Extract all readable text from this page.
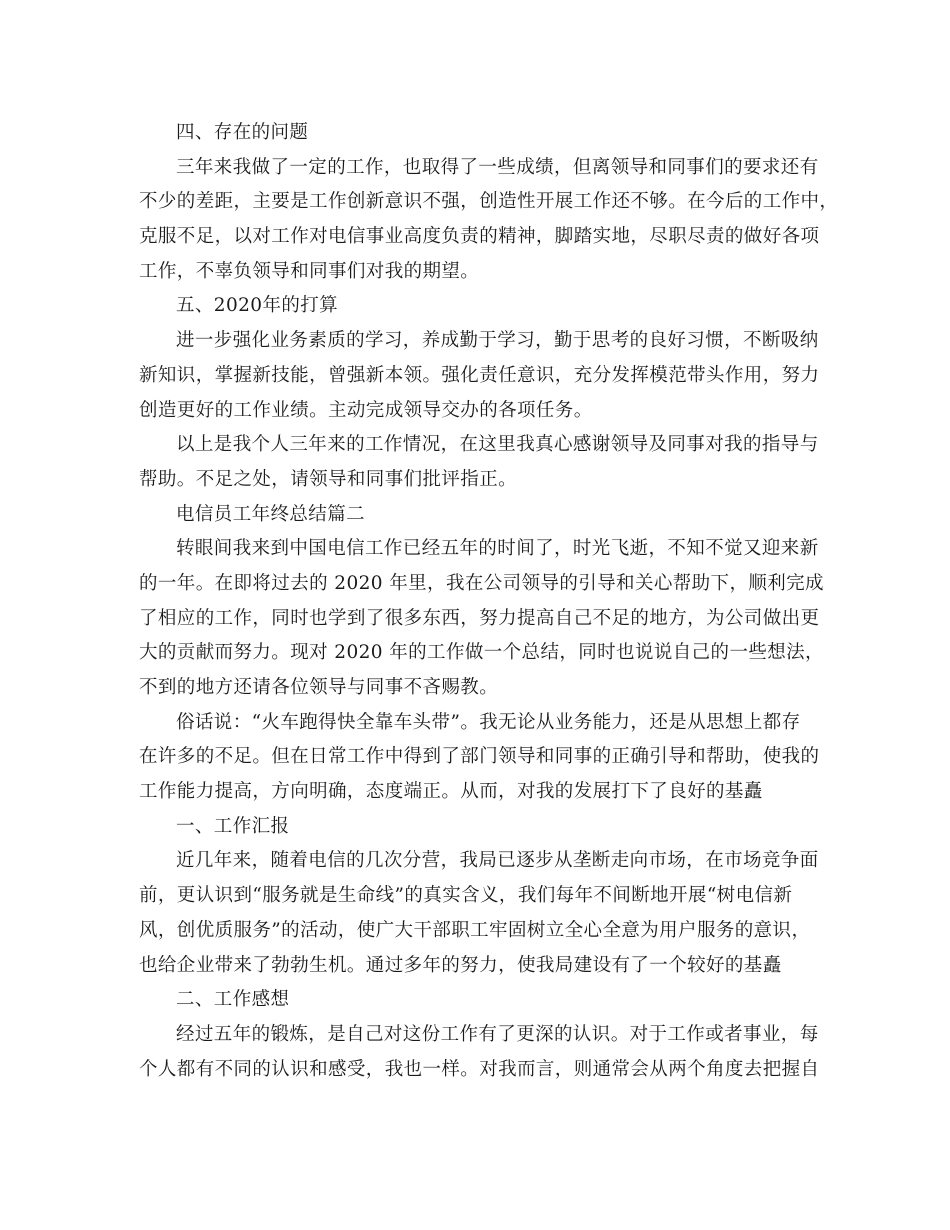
四、存在的问题
三年来我做了一定的工作，也取得了一些成绩，但离领导和同事们的要求还有
不少的差距，主要是工作创新意识不强，创造性开展工作还不够。在今后的工作中，
克服不足，以对工作对电信事业高度负责的精神，脚踏实地，尽职尽责的做好各项
工作，不辜负领导和同事们对我的期望。
五、2020年的打算
进一步强化业务素质的学习，养成勤于学习，勤于思考的良好习惯，不断吸纳
新知识，掌握新技能，曾强新本领。强化责任意识，充分发挥模范带头作用，努力
创造更好的工作业绩。主动完成领导交办的各项任务。
以上是我个人三年来的工作情况，在这里我真心感谢领导及同事对我的指导与
帮助。不足之处，请领导和同事们批评指正。
电信员工年终总结篇二
转眼间我来到中国电信工作已经五年的时间了，时光飞逝，不知不觉又迎来新
的一年。在即将过去的 2020 年里，我在公司领导的引导和关心帮助下，顺利完成
了相应的工作，同时也学到了很多东西，努力提高自己不足的地方，为公司做出更
大的贡献而努力。现对 2020 年的工作做一个总结，同时也说说自己的一些想法，
不到的地方还请各位领导与同事不吝赐教。
俗话说：“火车跑得快全靠车头带”。我无论从业务能力，还是从思想上都存
在许多的不足。但在日常工作中得到了部门领导和同事的正确引导和帮助，使我的
工作能力提高，方向明确，态度端正。从而，对我的发展打下了良好的基矗
一、工作汇报
近几年来，随着电信的几次分营，我局已逐步从垄断走向市场，在市场竞争面
前，更认识到“服务就是生命线”的真实含义，我们每年不间断地开展“树电信新
风，创优质服务”的活动，使广大干部职工牢固树立全心全意为用户服务的意识，
也给企业带来了勃勃生机。通过多年的努力，使我局建设有了一个较好的基矗
二、工作感想
经过五年的锻炼，是自己对这份工作有了更深的认识。对于工作或者事业，每
个人都有不同的认识和感受，我也一样。对我而言，则通常会从两个角度去把握自
